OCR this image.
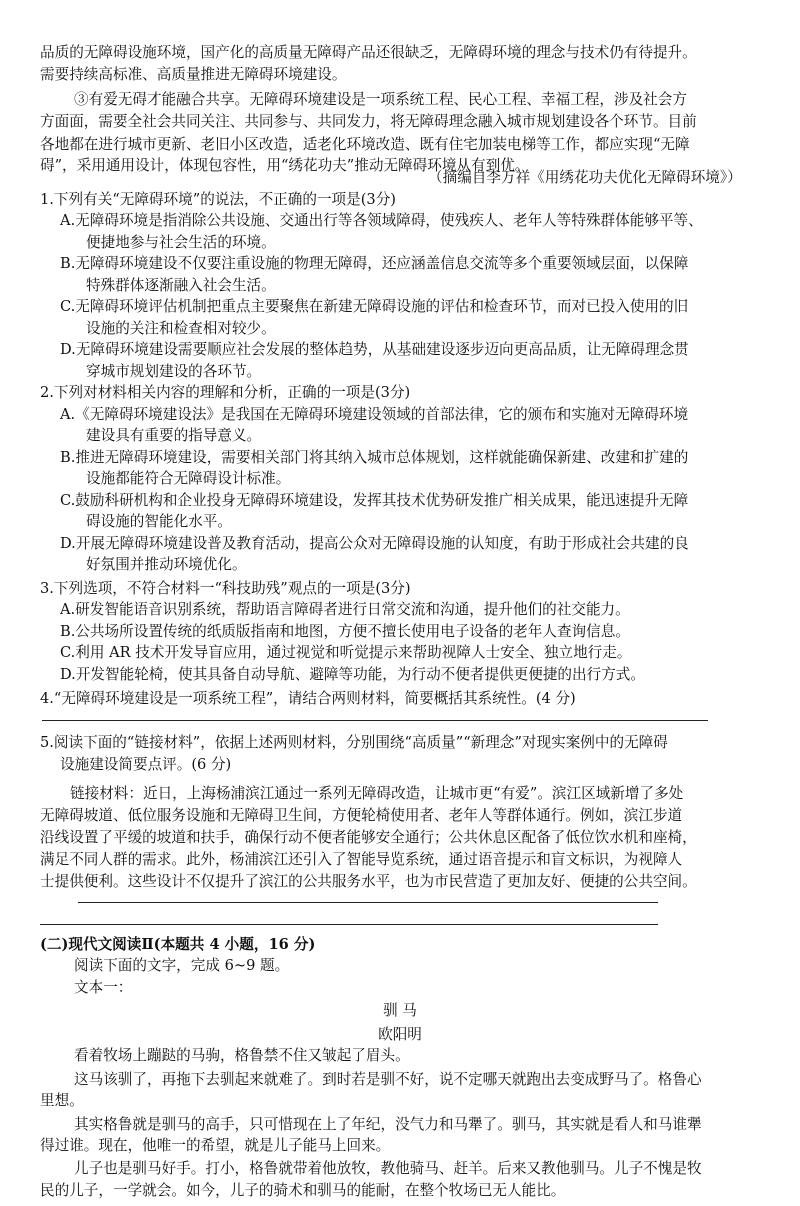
品质的无障碍设施环境，国产化的高质量无障碍产品还很缺乏，无障碍环境的理念与技术仍有待提升。
需要持续高标准、高质量推进无障碍环境建设。
③有爱无碍才能融合共享。无障碍环境建设是一项系统工程、民心工程、幸福工程，涉及社会方
方面面，需要全社会共同关注、共同参与、共同发力，将无障碍理念融入城市规划建设各个环节。目前
各地都在进行城市更新、老旧小区改造，适老化环境改造、既有住宅加装电梯等工作，都应实现“无障
碍”，采用通用设计，体现包容性，用“绣花功夫”推动无障碍环境从有到优。
（摘编自李万祥《用绣花功夫优化无障碍环境》）
1.下列有关“无障碍环境”的说法，不正确的一项是(3分)
A.无障碍环境是指消除公共设施、交通出行等各领域障碍，使残疾人、老年人等特殊群体能够平等、
便捷地参与社会生活的环境。
B.无障碍环境建设不仅要注重设施的物理无障碍，还应涵盖信息交流等多个重要领域层面，以保障
特殊群体逐渐融入社会生活。
C.无障碍环境评估机制把重点主要聚焦在新建无障碍设施的评估和检查环节，而对已投入使用的旧
设施的关注和检查相对较少。
D.无障碍环境建设需要顺应社会发展的整体趋势，从基础建设逐步迈向更高品质，让无障碍理念贯
穿城市规划建设的各环节。
2.下列对材料相关内容的理解和分析，正确的一项是(3分)
A.《无障碍环境建设法》是我国在无障碍环境建设领域的首部法律，它的颁布和实施对无障碍环境
建设具有重要的指导意义。
B.推进无障碍环境建设，需要相关部门将其纳入城市总体规划，这样就能确保新建、改建和扩建的
设施都能符合无障碍设计标准。
C.鼓励科研机构和企业投身无障碍环境建设，发挥其技术优势研发推广相关成果，能迅速提升无障
碍设施的智能化水平。
D.开展无障碍环境建设普及教育活动，提高公众对无障碍设施的认知度，有助于形成社会共建的良
好氛围并推动环境优化。
3.下列选项，不符合材料一“科技助残”观点的一项是(3分)
A.研发智能语音识别系统，帮助语言障碍者进行日常交流和沟通，提升他们的社交能力。
B.公共场所设置传统的纸质版指南和地图，方便不擅长使用电子设备的老年人查询信息。
C.利用 AR 技术开发导盲应用，通过视觉和听觉提示来帮助视障人士安全、独立地行走。
D.开发智能轮椅，使其具备自动导航、避障等功能，为行动不便者提供更便捷的出行方式。
4.“无障碍环境建设是一项系统工程”，请结合两则材料，简要概括其系统性。(4 分)
5.阅读下面的“链接材料”，依据上述两则材料，分别围绕“高质量”“新理念”对现实案例中的无障碍
设施建设简要点评。(6 分)
链接材料：近日，上海杨浦滨江通过一系列无障碍改造，让城市更“有爱”。滨江区域新增了多处
无障碍坡道、低位服务设施和无障碍卫生间，方便轮椅使用者、老年人等群体通行。例如，滨江步道
沿线设置了平缓的坡道和扶手，确保行动不便者能够安全通行；公共休息区配备了低位饮水机和座椅，
满足不同人群的需求。此外，杨浦滨江还引入了智能导览系统，通过语音提示和盲文标识，为视障人
士提供便利。这些设计不仅提升了滨江的公共服务水平，也为市民营造了更加友好、便捷的公共空间。
(二)现代文阅读Ⅱ(本题共 4 小题，16 分)
阅读下面的文字，完成 6~9 题。
文本一：
驯 马
欧阳明
看着牧场上蹦跶的马驹，格鲁禁不住又皱起了眉头。
这马该驯了，再拖下去驯起来就难了。到时若是驯不好，说不定哪天就跑出去变成野马了。格鲁心
里想。
其实格鲁就是驯马的高手，只可惜现在上了年纪，没气力和马犟了。驯马，其实就是看人和马谁犟
得过谁。现在，他唯一的希望，就是儿子能马上回来。
儿子也是驯马好手。打小，格鲁就带着他放牧，教他骑马、赶羊。后来又教他驯马。儿子不愧是牧
民的儿子，一学就会。如今，儿子的骑术和驯马的能耐，在整个牧场已无人能比。
